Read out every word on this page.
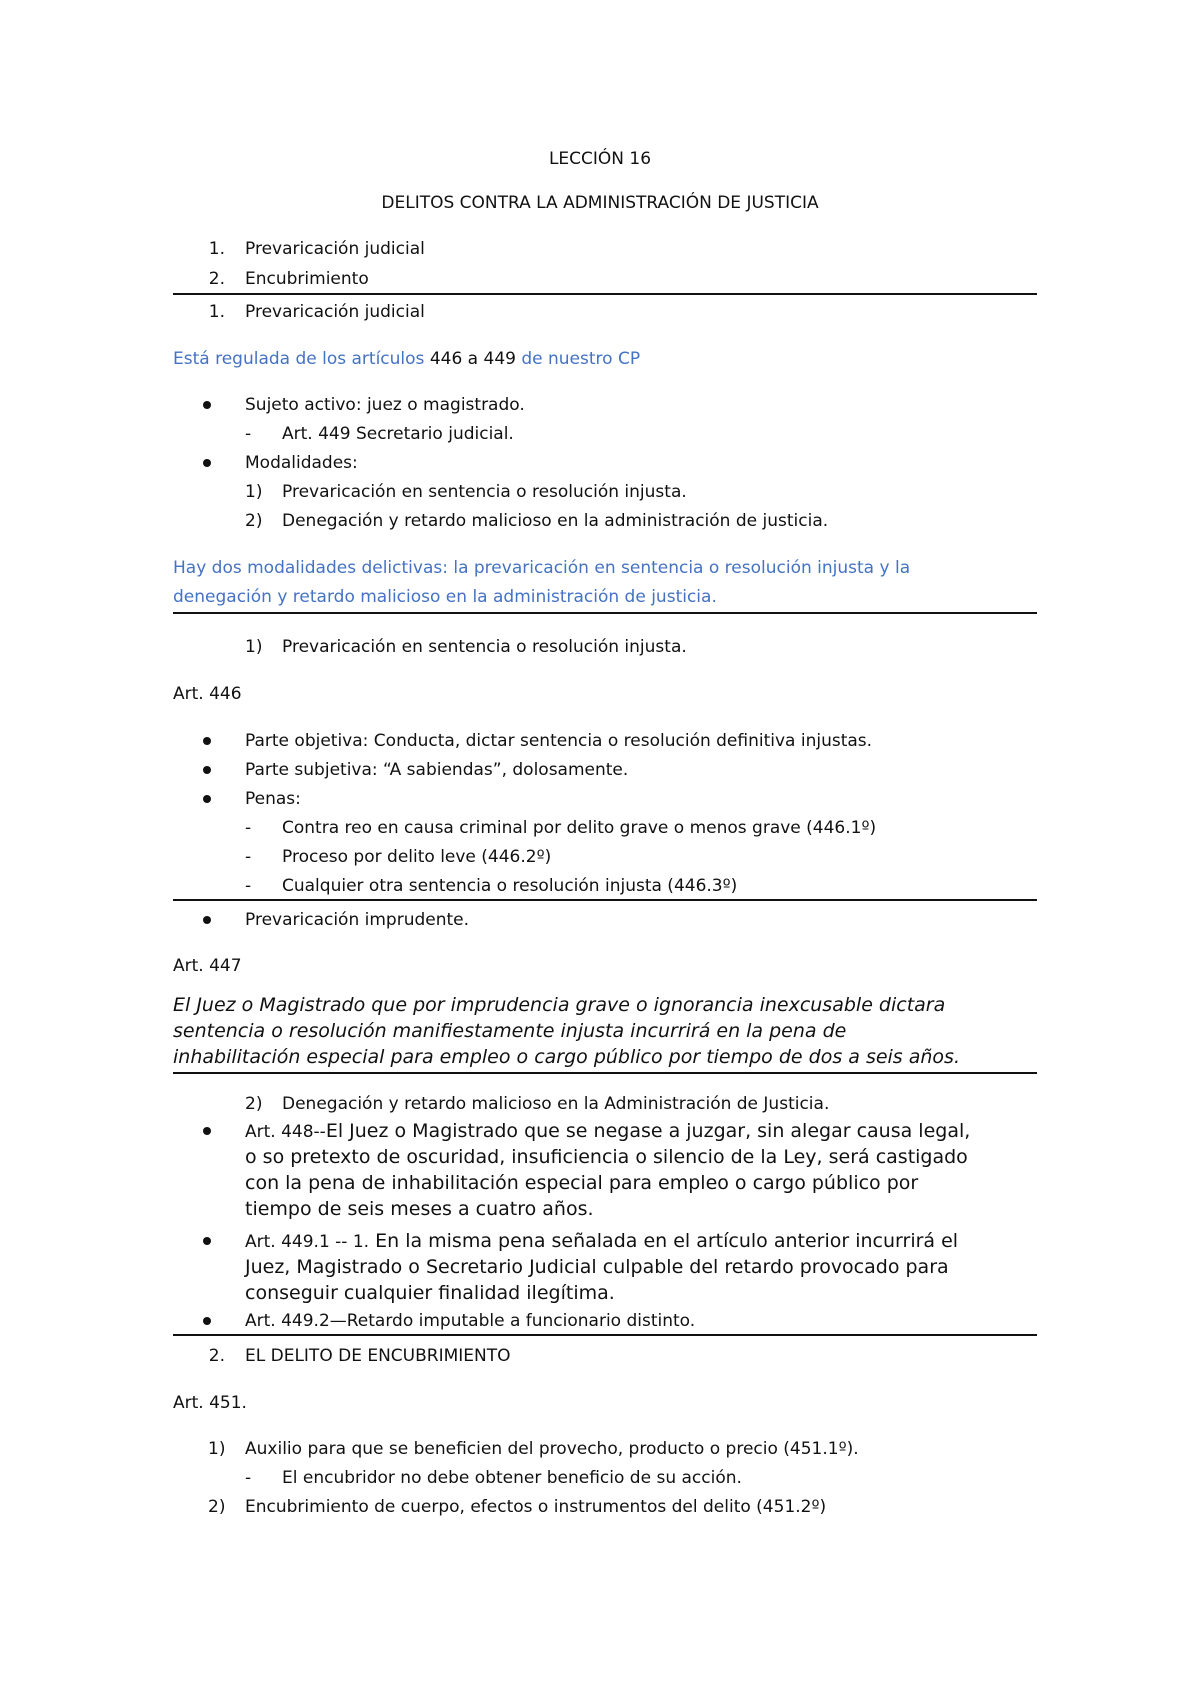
LECCIÓN 16
DELITOS CONTRA LA ADMINISTRACIÓN DE JUSTICIA
1. Prevaricación judicial
2. Encubrimiento
1. Prevaricación judicial
Está regulada de los artículos 446 a 449 de nuestro CP
Sujeto activo: juez o magistrado.
- Art. 449 Secretario judicial.
Modalidades:
1) Prevaricación en sentencia o resolución injusta.
2) Denegación y retardo malicioso en la administración de justicia.
Hay dos modalidades delictivas: la prevaricación en sentencia o resolución injusta y la
denegación y retardo malicioso en la administración de justicia.
1) Prevaricación en sentencia o resolución injusta.
Art. 446
Parte objetiva: Conducta, dictar sentencia o resolución definitiva injustas.
Parte subjetiva: “A sabiendas”, dolosamente.
Penas:
- Contra reo en causa criminal por delito grave o menos grave (446.1º)
- Proceso por delito leve (446.2º)
- Cualquier otra sentencia o resolución injusta (446.3º)
Prevaricación imprudente.
Art. 447
El Juez o Magistrado que por imprudencia grave o ignorancia inexcusable dictara
sentencia o resolución manifiestamente injusta incurrirá en la pena de
inhabilitación especial para empleo o cargo público por tiempo de dos a seis años.
2) Denegación y retardo malicioso en la Administración de Justicia.
Art. 448--El Juez o Magistrado que se negase a juzgar, sin alegar causa legal,
o so pretexto de oscuridad, insuficiencia o silencio de la Ley, será castigado
con la pena de inhabilitación especial para empleo o cargo público por
tiempo de seis meses a cuatro años.
Art. 449.1 -- 1. En la misma pena señalada en el artículo anterior incurrirá el
Juez, Magistrado o Secretario Judicial culpable del retardo provocado para
conseguir cualquier finalidad ilegítima.
Art. 449.2—Retardo imputable a funcionario distinto.
2. EL DELITO DE ENCUBRIMIENTO
Art. 451.
1) Auxilio para que se beneficien del provecho, producto o precio (451.1º).
- El encubridor no debe obtener beneficio de su acción.
2) Encubrimiento de cuerpo, efectos o instrumentos del delito (451.2º)
